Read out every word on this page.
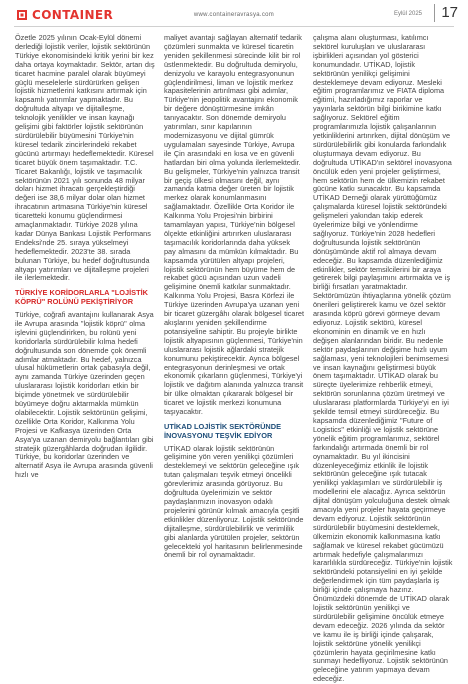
CONTAINER	www.containeravrasya.com	Eylül 2025	17

Özetle 2025 yılının Ocak-Eylül dönemi derlediği lojistik veriler, lojistik sektörünün Türkiye ekonomisindeki kritik yerini bir kez daha ortaya koymaktadır. Sektör, artan dış ticaret hacmine paralel olarak büyümeyi güçlü meselelerle sürdürürken gelişen lojistik hizmetlerini katkısını artırmak için kapsamlı yatırımlar yapmaktadır. Bu doğrultuda altyapı ve dijitalleşme, teknolojik yenilikler ve insan kaynağı gelişimi gibi faktörler lojistik sektörünün sürdürülebilir büyümesini Türkiye'nin küresel tedarik zincirlerindeki rekabet gücünü artırmayı hedeflemektedir. Küresel ticaret büyük önem taşımaktadır. T.C. Ticaret Bakanlığı, lojistik ve taşımacılık sektörünün 2021 yılı sonunda 48 milyar doları hizmet ihracatı gerçekleştirdiği değeri ise 38,6 milyar dolar olan hizmet ihracatının artmasına Türkiye'nin küresel ticaretteki konumu güçlendirmesi amaçlanmaktadır. Türkiye 2028 yılına kadar Dünya Bankası Lojistik Performans Endeksi'nde 25. sıraya yükselmeyi hedeflemektedir. 2023'te 38. sırada bulunan Türkiye, bu hedef doğrultusunda altyapı yatırımları ve dijitalleşme projeleri ile ilerlemektedir.

TÜRKİYE KORİDORLARLA "LOJİSTİK KÖPRÜ" ROLÜNÜ PEKİŞTİRİYOR

Türkiye, coğrafi avantajını kullanarak Asya ile Avrupa arasında "lojistik köprü" olma işlevini güçlendirirken, bu rolünü yeni koridorlarla sürdürülebilir kılma hedefi doğrultusunda son dönemde çok önemli adımlar atmaktadır. Bu hedef, yalnızca ulusal hükümetlerin ortak çabasıyla değil, aynı zamanda Türkiye üzerinden geçen uluslararası lojistik koridorları etkin bir biçimde yönetmek ve sürdürülebilir büyümeye doğru aktarmakla mümkün olabilecektir. Lojistik sektörünün gelişimi, özellikle Orta Koridor, Kalkınma Yolu Projesi ve Kafkasya üzerinden Orta Asya'ya uzanan demiryolu bağlantıları gibi stratejik güzergâhlarda doğrudan ilgilidir. Türkiye, bu koridorlar üzerinden ve alternatif Asya ile Avrupa arasında güvenli hızlı ve

maliyet avantajı sağlayan alternatif tedarik çözümleri sunmakta ve küresel ticaretin yeniden şekillenmesi sürecinde kilit bir rol üstlenmektedir. Bu doğrultuda demiryolu, denizyolu ve karayolu entegrasyonunun güçlendirilmesi, liman ve lojistik merkez kapasitelerinin artırılması gibi adımlar, Türkiye'nin jeopolitik avantajını ekonomik bir değere dönüştürmesine imkân tanıyacaktır. Son dönemde demiryolu yatırımları, sınır kapılarının modernizasyonu ve dijital gümrük uygulamaları sayesinde Türkiye, Avrupa ile Çin arasındaki en kısa ve en güvenli hatlardan biri olma yolunda ilerlemektedir. Bu gelişmeler, Türkiye'nin yalnızca transit bir geçiş ülkesi olmasını değil, aynı zamanda katma değer üreten bir lojistik merkez olarak konumlanmasını sağlamaktadır. Özellikle Orta Koridor ile Kalkınma Yolu Projesi'nin birbirini tamamlayan yapısı, Türkiye'nin bölgesel ölçekte etkinliğini artırırken uluslararası taşımacılık koridorlarında daha yüksek pay almasını da mümkün kılmaktadır. Bu kapsamda yürütülen altyapı projeleri, lojistik sektörünün hem büyüme hem de rekabet gücü açısından uzun vadeli gelişimine önemli katkılar sunmaktadır. Kalkınma Yolu Projesi, Basra Körfezi ile Türkiye üzerinden Avrupa'ya uzanan yeni bir ticaret güzergâhı olarak bölgesel ticaret akışlarını yeniden şekillendirme potansiyeline sahiptir. Bu projeyle birlikte lojistik altyapısının güçlenmesi, Türkiye'nin uluslararası lojistik ağlardaki stratejik konumunu pekiştirecektir. Ayrıca bölgesel entegrasyonun derinleşmesi ve ortak ekonomik çıkarların güçlenmesi, Türkiye'yi lojistik ve dağıtım alanında yalnızca transit bir ülke olmaktan çıkararak bölgesel bir ticaret ve lojistik merkezi konumuna taşıyacaktır.

UTİKAD LOJİSTİK SEKTÖRÜNDE İNOVASYONU TEŞVİK EDİYOR

UTİKAD olarak lojistik sektörünün gelişimine yön veren yenilikçi çözümleri desteklemeyi ve sektörün geleceğine ışık tutan çalışmaları teşvik etmeyi öncelikli görevlerimiz arasında görüyoruz. Bu doğrultuda üyelerimizin ve sektör paydaşlarımızın inovasyon odaklı projelerini görünür kılmak amacıyla çeşitli etkinlikler düzenliyoruz. Lojistik sektöründe dijitalleşme, sürdürülebilirlik ve verimlilik gibi alanlarda yürütülen projeler, sektörün gelecekteki yol haritasının belirlenmesinde önemli bir rol oynamaktadır.

çalışma alanı oluşturması, katılımcı sektörel kuruluşları ve uluslararası işbirlikleri açısından yol gösterici konumundadır. UTİKAD, lojistik sektörünün yenilikçi gelişimini desteklemeye devam ediyoruz. Mesleki eğitim programlarımız ve FIATA diploma eğitimi, hazırladığımız raporlar ve yayınlarla sektörün bilgi birikimine katkı sağlıyoruz. Sektörel eğitim programlarımızla lojistik çalışanlarının yetkinliklerini artırırken, dijital dönüşüm ve sürdürülebilirlik gibi konularda farkındalık oluşturmaya devam ediyoruz. Bu doğrultuda UTİKAD'ın sektörel inovasyona öncülük eden yeni projeler geliştirmesi, hem sektörün hem de ülkemizin rekabet gücüne katkı sunacaktır. Bu kapsamda UTİKAD Derneği olarak yürüttüğümüz çalışmalarda küresel lojistik sektöründeki gelişmeleri yakından takip ederek üyelerimize bilgi ve yönlendirme sağlıyoruz. Türkiye'nin 2028 hedefleri doğrultusunda lojistik sektörünün dönüşümünde aktif rol almaya devam edeceğiz. Bu kapsamda düzenlediğimiz etkinlikler, sektör temsilcilerini bir araya getirerek bilgi paylaşımını artırmakta ve iş birliği fırsatları yaratmaktadır. Sektörümüzün ihtiyaçlarına yönelik çözüm önerileri geliştirerek kamu ve özel sektör arasında köprü görevi görmeye devam ediyoruz. Lojistik sektörü, küresel ekonominin en dinamik ve en hızlı değişen alanlarından biridir. Bu nedenle sektör paydaşlarının değişime hızlı uyum sağlaması, yeni teknolojileri benimsemesi ve insan kaynağını geliştirmesi büyük önem taşımaktadır. UTİKAD olarak bu süreçte üyelerimize rehberlik etmeyi, sektörün sorunlarına çözüm üretmeyi ve uluslararası platformlarda Türkiye'yi en iyi şekilde temsil etmeyi sürdüreceğiz. Bu kapsamda düzenlediğimiz "Future of Logistics" etkinliği ve lojistik sektörüne yönelik eğitim programlarımız, sektörel farkındalığı artırmada önemli bir rol oynamaktadır. Bu yıl ikincisini düzenleyeceğimiz etkinlik ile lojistik sektörünün geleceğine ışık tutacak yenilikçi yaklaşımları ve sürdürülebilir iş modellerini ele alacağız. Ayrıca sektörün dijital dönüşüm yolculuğuna destek olmak amacıyla yeni projeler hayata geçirmeye devam ediyoruz. Lojistik sektörünün sürdürülebilir büyümesini desteklemek, ülkemizin ekonomik kalkınmasına katkı sağlamak ve küresel rekabet gücümüzü artırmak hedefiyle çalışmalarımızı kararlılıkla sürdüreceğiz. Türkiye'nin lojistik sektöründeki potansiyelini en iyi şekilde değerlendirmek için tüm paydaşlarla iş birliği içinde çalışmaya hazırız. Önümüzdeki dönemde de UTİKAD olarak lojistik sektörünün yenilikçi ve sürdürülebilir gelişimine öncülük etmeye devam edeceğiz. 2026 yılında da sektör ve kamu ile iş birliği içinde çalışarak, lojistik sektörüne yönelik yenilikçi çözümlerin hayata geçirilmesine katkı sunmayı hedefliyoruz. Lojistik sektörünün geleceğine yatırım yapmaya devam edeceğiz.
